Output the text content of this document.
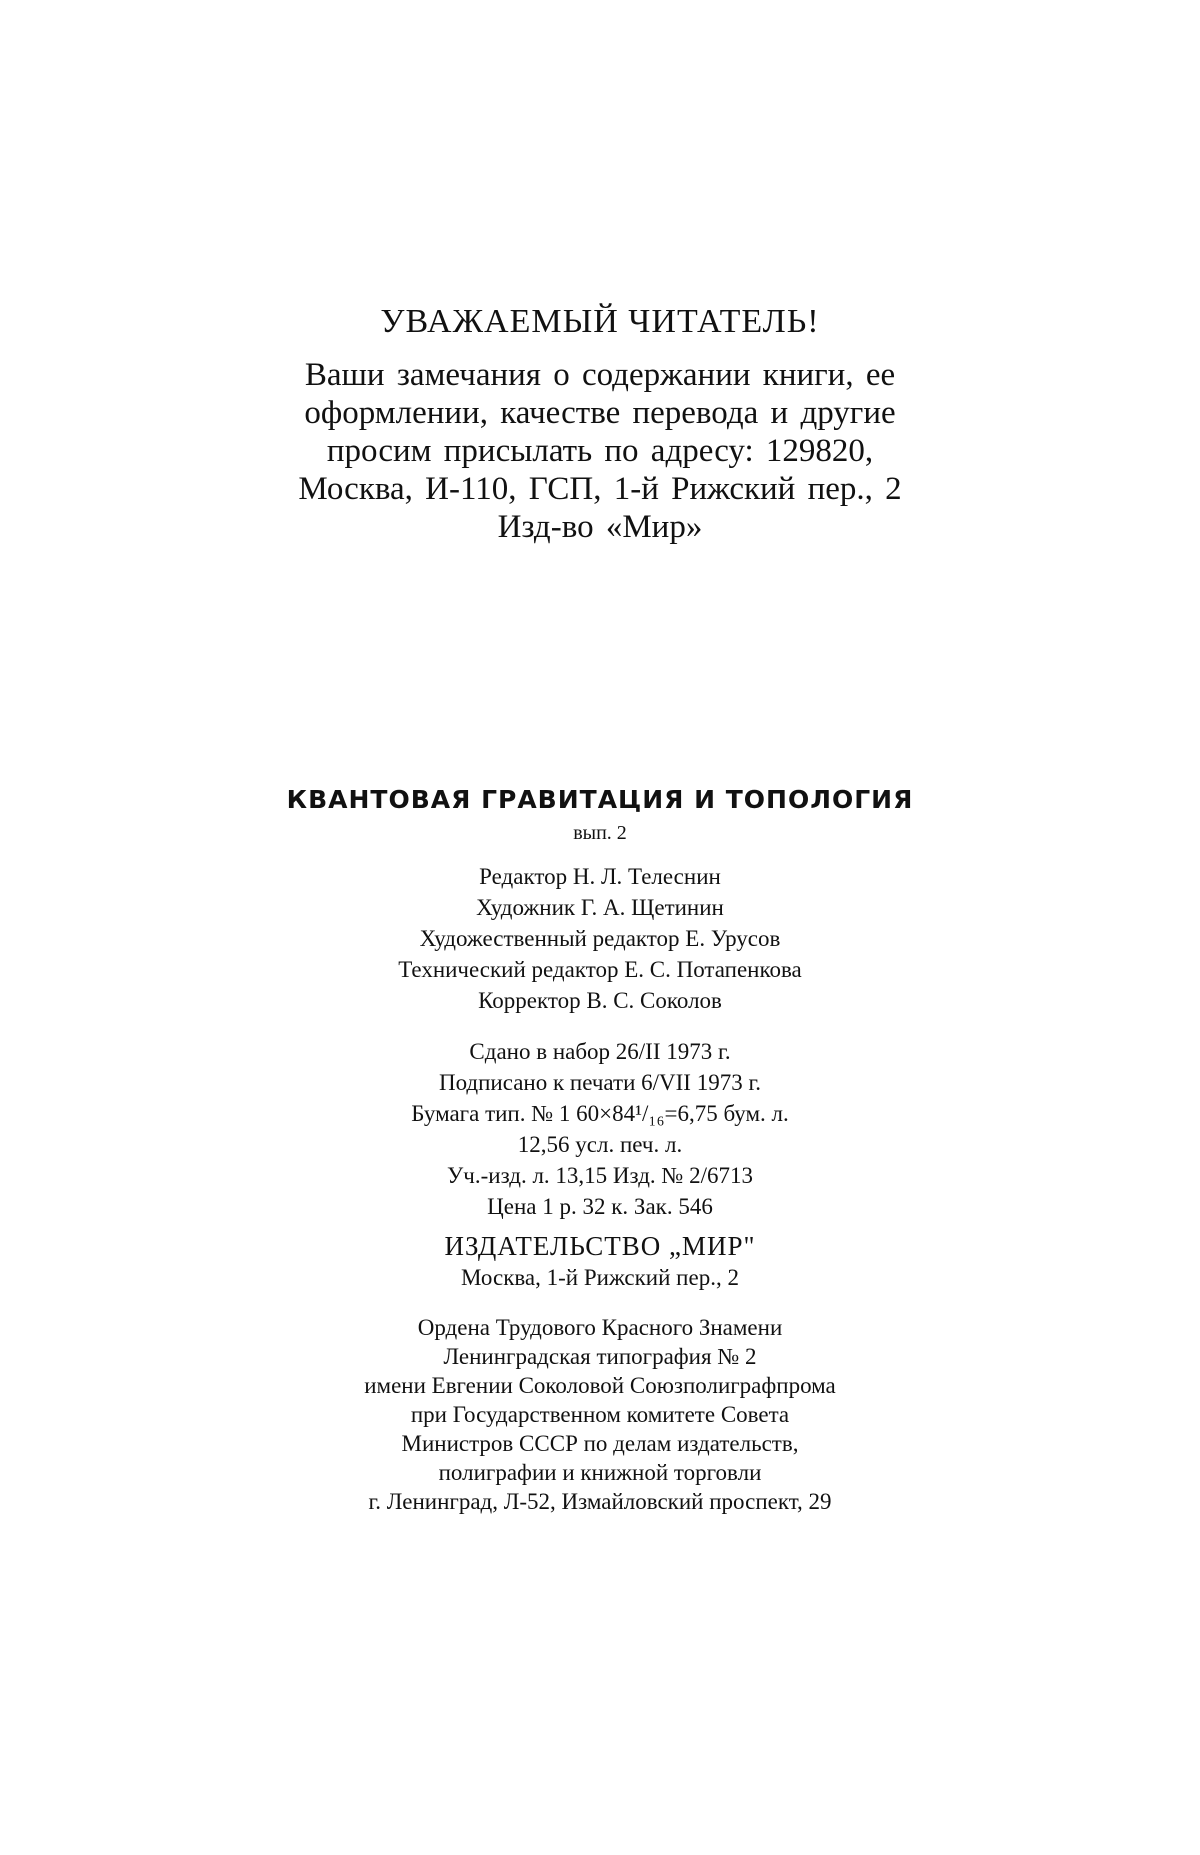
УВАЖАЕМЫЙ ЧИТАТЕЛЬ!
Ваши замечания о содержании книги, ее
оформлении, качестве перевода и другие
просим присылать по адресу: 129820,
Москва, И-110, ГСП, 1-й Рижский пер., 2
Изд-во «Мир»
КВАНТОВАЯ ГРАВИТАЦИЯ И ТОПОЛОГИЯ
вып. 2
Редактор Н. Л. Телеснин
Художник Г. А. Щетинин
Художественный редактор Е. Урусов
Технический редактор Е. С. Потапенкова
Корректор В. С. Соколов
Сдано в набор 26/II 1973 г.
Подписано к печати 6/VII 1973 г.
Бумага тип. № 1 60×84¹/₁₆=6,75 бум. л.
12,56 усл. печ. л.
Уч.-изд. л. 13,15 Изд. № 2/6713
Цена 1 р. 32 к. Зак. 546
ИЗДАТЕЛЬСТВО „МИР"
Москва, 1-й Рижский пер., 2
Ордена Трудового Красного Знамени
Ленинградская типография № 2
имени Евгении Соколовой Союзполиграфпрома
при Государственном комитете Совета
Министров СССР по делам издательств,
полиграфии и книжной торговли
г. Ленинград, Л-52, Измайловский проспект, 29
